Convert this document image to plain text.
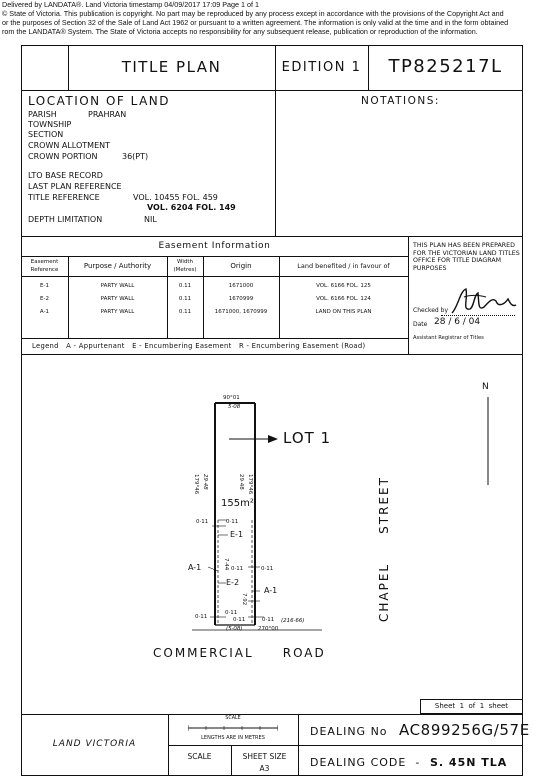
Delivered by LANDATA®. Land Victoria timestamp 04/09/2017 17:09 Page 1 of 1
© State of Victoria. This publication is copyright. No part may be reproduced by any process except in accordance with the provisions of the Copyright Act and
or the purposes of Section 32 of the Sale of Land Act 1962 or pursuant to a written agreement. The information is only valid at the time and in the form obtained
rom the LANDATA® System. The State of Victoria accepts no responsibility for any subsequent release, publication or reproduction of the information.
TITLE PLAN	EDITION 1	TP825217L
LOCATION OF LAND	NOTATIONS:
PARISH	PRAHRAN
TOWNSHIP
SECTION
CROWN ALLOTMENT
CROWN PORTION	36(PT)
LTO BASE RECORD
LAST PLAN REFERENCE
TITLE REFERENCE	VOL. 10455 FOL. 459
VOL. 6204 FOL. 149
DEPTH LIMITATION	NIL
Easement Information
Easement Reference	Purpose / Authority	Width (Metres)	Origin	Land benefited / in favour of
E-1	PARTY WALL	0.11	1671000	VOL. 6166 FOL. 125
E-2	PARTY WALL	0.11	1670999	VOL. 6166 FOL. 124
A-1	PARTY WALL	0.11	1671000, 1670999	LAND ON THIS PLAN
Legend   A - Appurtenant   E - Encumbering Easement   R - Encumbering Easement (Road)
THIS PLAN HAS BEEN PREPARED FOR THE VICTORIAN LAND TITLES OFFICE FOR TITLE DIAGRAM PURPOSES
Checked by
Date 28 / 6 / 04
Assistant Registrar of Titles
N
LOT 1
155m²
90°01
5·08
179°46 29·48	29·48 179°46
7·44
7·92
0·11	0·11
0·11	0·11
0·11
0·11	0·11	0·11
E-1
E-2
A-1
A-1
(5·08)	270°00
(216·66)
COMMERCIAL     ROAD
CHAPEL     STREET
Sheet  1  of  1  sheet
LAND VICTORIA
SCALE
LENGTHS ARE IN METRES
SCALE	SHEET SIZE
A3
DEALING No AC899256G/57E
DEALING CODE  - S. 45N TLA
